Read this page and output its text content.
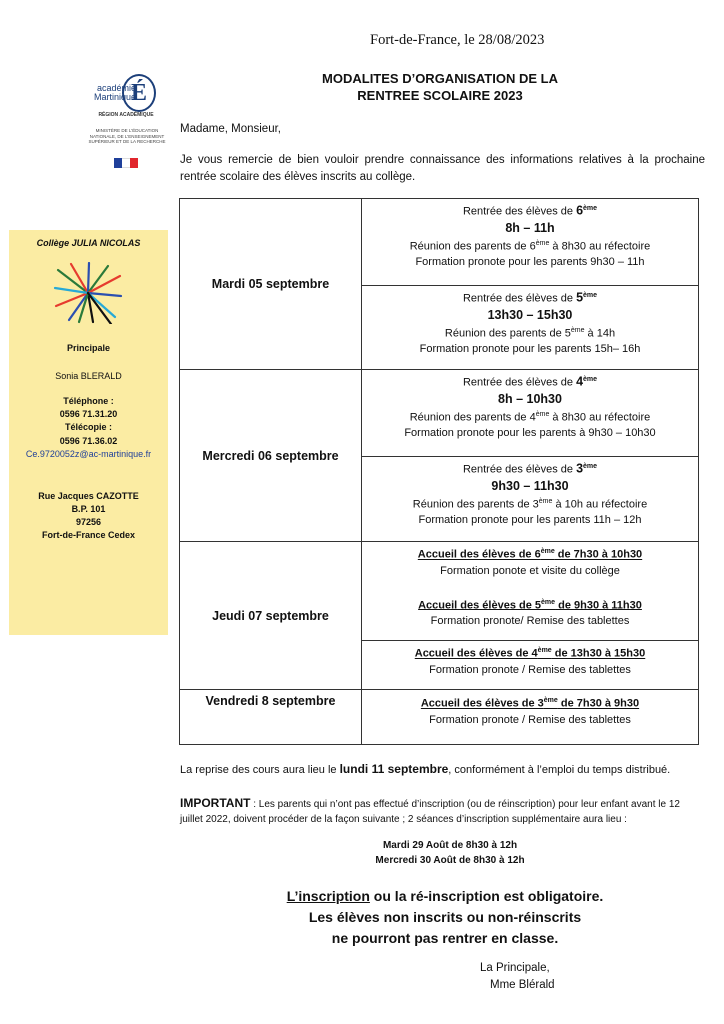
Fort-de-France, le 28/08/2023
académie
Martinique
É
RÉGION ACADÉMIQUE
MINISTÈRE DE L'ÉDUCATION NATIONALE, DE L'ENSEIGNEMENT SUPÉRIEUR ET DE LA RECHERCHE
MODALITES D’ORGANISATION DE LA
RENTREE SCOLAIRE 2023
Madame, Monsieur,
Je vous remercie de bien vouloir prendre connaissance des informations relatives à la prochaine rentrée scolaire des élèves inscrits au collège.
Collège JULIA NICOLAS
Principale
Sonia BLERALD
Téléphone :
0596 71.31.20
Télécopie :
0596 71.36.02
Ce.9720052z@ac-martinique.fr
Rue Jacques CAZOTTE
B.P. 101
97256
Fort-de-France Cedex
Mardi 05 septembre
Rentrée des élèves de 6ème
8h – 11h
Réunion des parents de 6ème à 8h30 au réfectoire
Formation pronote pour les parents 9h30 – 11h
Rentrée des élèves de 5ème
13h30 – 15h30
Réunion des parents de 5ème à 14h
Formation pronote pour les parents 15h– 16h
Mercredi 06 septembre
Rentrée des élèves de 4ème
8h – 10h30
Réunion des parents de 4ème à 8h30 au réfectoire
Formation pronote pour les parents à 9h30 – 10h30
Rentrée des élèves de 3ème
9h30 – 11h30
Réunion des parents de 3ème à 10h au réfectoire
Formation pronote pour les parents 11h – 12h
Jeudi 07 septembre
Accueil des élèves de 6ème de 7h30 à 10h30
Formation ponote et visite du collège
Accueil des élèves de 5ème de 9h30 à 11h30
Formation pronote/ Remise des tablettes
Accueil des élèves de 4ème de 13h30 à 15h30
Formation pronote / Remise des tablettes
Vendredi 8 septembre	Accueil des élèves de 3ème de 7h30 à 9h30
Formation pronote / Remise des tablettes
La reprise des cours aura lieu le lundi 11 septembre, conformément à l’emploi du temps distribué.
IMPORTANT : Les parents qui n’ont pas effectué d’inscription (ou de réinscription) pour leur enfant avant le 12 juillet 2022, doivent procéder de la façon suivante ; 2 séances d’inscription supplémentaire aura lieu :
Mardi 29 Août de 8h30 à 12h
Mercredi 30 Août de 8h30 à 12h
L’inscription ou la ré-inscription est obligatoire.
Les élèves non inscrits ou non-réinscrits
ne pourront pas rentrer en classe.
La Principale,
Mme Blérald
